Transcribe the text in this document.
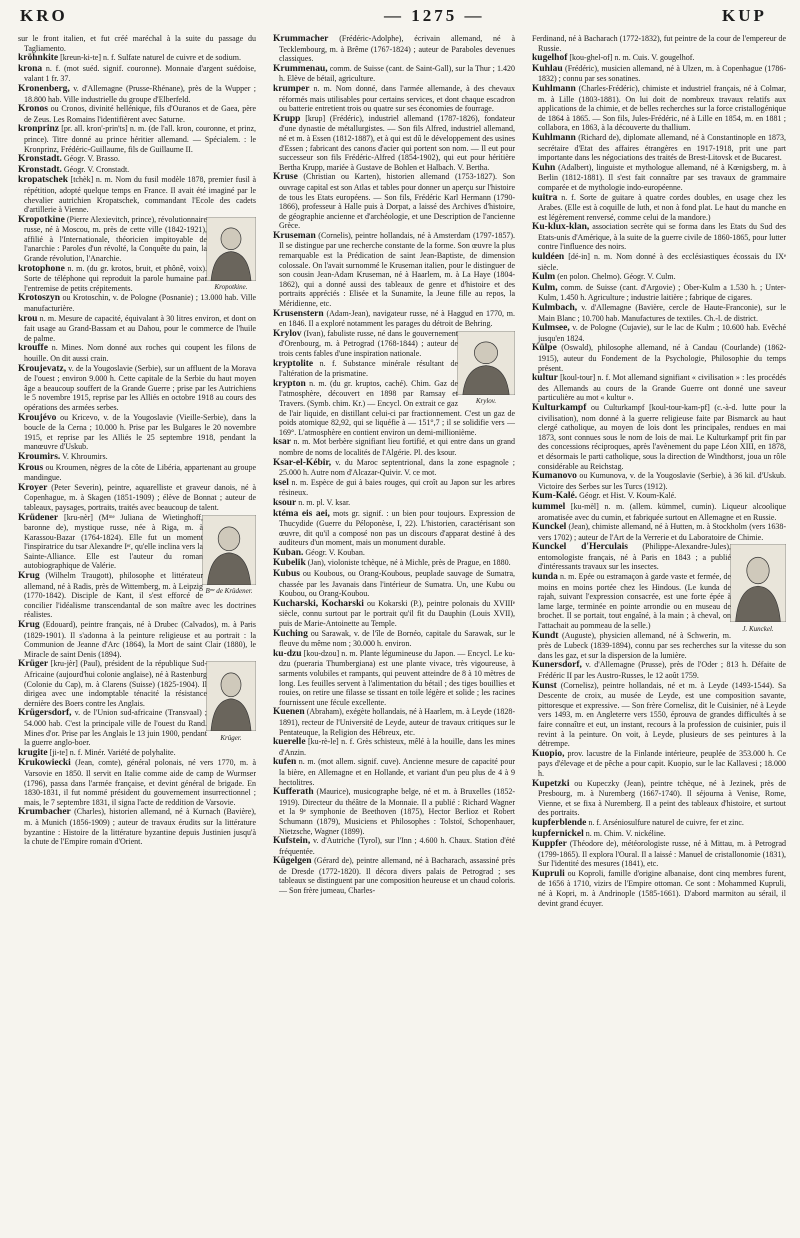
KRO	— 1275 —	KUP

sur le front italien, et fut créé maréchal à la suite du passage du Tagliamento.

kröhnkite [kreun-ki-te] n. f. Sulfate naturel de cuivre et de sodium.

krona n. f. (mot suéd. signif. couronne). Monnaie d'argent suédoise, valant 1 fr. 37.

Kronenberg, v. d'Allemagne (Prusse-Rhénane), près de la Wupper ; 18.800 hab. Ville industrielle du groupe d'Elberfeld.

Kronos ou Cronos, divinité hellénique, fils d'Ouranos et de Gaea, père de Zeus. Les Romains l'identifièrent avec Saturne.

kronprinz [pr. all. kron'-prin'ts] n. m. (de l'all. kron, couronne, et prinz, prince). Titre donné au prince héritier allemand. — Spécialem. : le Kronprinz, Frédéric-Guillaume, fils de Guillaume II.

Kronstadt. Géogr. V. Brasso.

Kronstadt. Géogr. V. Cronstadt.

kropatschek [tchèk] n. m. Nom du fusil modèle 1878, premier fusil à répétition, adopté quelque temps en France. Il avait été imaginé par le chevalier autrichien Kropatschek, commandant l'Ecole des cadets d'artillerie à Vienne.

Kropotkine.
Kropotkine (Pierre Alexievitch, prince), révolutionnaire russe, né à Moscou, m. près de cette ville (1842-1921), affilié à l'Internationale, théoricien impitoyable de l'anarchie : Paroles d'un révolté, la Conquête du pain, la Grande révolution, l'Anarchie.

krotophone n. m. (du gr. krotos, bruit, et phônê, voix). Sorte de téléphone qui reproduit la parole humaine par l'entremise de petits crépitements.

Krotoszyn ou Krotoschin, v. de Pologne (Posnanie) ; 13.000 hab. Ville manufacturière.

krou n. m. Mesure de capacité, équivalant à 30 litres environ, et dont on fait usage au Grand-Bassam et au Dahou, pour le commerce de l'huile de palme.

krouffe n. Mines. Nom donné aux roches qui coupent les filons de houille. On dit aussi crain.

Kroujevatz, v. de la Yougoslavie (Serbie), sur un affluent de la Morava de l'ouest ; environ 9.000 h. Cette capitale de la Serbie du haut moyen âge a beaucoup souffert de la Grande Guerre ; prise par les Autrichiens le 5 novembre 1915, reprise par les Alliés en octobre 1918 au cours des opérations des armées serbes.

Kroujévo ou Kricevo, v. de la Yougoslavie (Vieille-Serbie), dans la boucle de la Cerna ; 10.000 h. Prise par les Bulgares le 20 novembre 1915, et reprise par les Alliés le 25 septembre 1918, pendant la manœuvre d'Uskub.

Kroumirs. V. Khroumirs.

Krous ou Kroumen, nègres de la côte de Libéria, appartenant au groupe mandingue.

Kroyer (Peter Severin), peintre, aquarelliste et graveur danois, né à Copenhague, m. à Skagen (1851-1909) ; élève de Bonnat ; auteur de tableaux, paysages, portraits, traités avec beaucoup de talent.

Bᵐᵉ de Krüdener.
Krüdener [kru-nèr] (Mᵐᵉ Juliana de Wietinghoff, baronne de), mystique russe, née à Riga, m. à Karassou-Bazar (1764-1824). Elle fut un moment l'inspiratrice du tsar Alexandre Iᵉʳ, qu'elle inclina vers la Sainte-Alliance. Elle est l'auteur du roman autobiographique de Valérie.

Krug (Wilhelm Traugott), philosophe et littérateur allemand, né à Radis, près de Wittemberg, m. à Leipzig (1770-1842). Disciple de Kant, il s'est efforcé de concilier l'idéalisme transcendantal de son maître avec les doctrines réalistes.

Krug (Edouard), peintre français, né à Drubec (Calvados), m. à Paris (1829-1901). Il s'adonna à la peinture religieuse et au portrait : la Communion de Jeanne d'Arc (1864), la Mort de saint Clair (1880), le Miracle de saint Denis (1894).

Krüger.
Krüger [kru-jèr] (Paul), président de la république Sud-Africaine (aujourd'hui colonie anglaise), né à Rastenburg (Colonie du Cap), m. à Clarens (Suisse) (1825-1904). Il dirigea avec une indomptable ténacité la résistance dernière des Boers contre les Anglais.

Krügersdorf, v. de l'Union sud-africaine (Transvaal) ; 54.000 hab. C'est la principale ville de l'ouest du Rand. Mines d'or. Prise par les Anglais le 13 juin 1900, pendant la guerre anglo-boer.

krugite [ji-te] n. f. Minér. Variété de polyhalite.

Krukowiecki (Jean, comte), général polonais, né vers 1770, m. à Varsovie en 1850. Il servit en Italie comme aide de camp de Wurmser (1796), passa dans l'armée française, et devint général de brigade. En 1830-1831, il fut nommé président du gouvernement insurrectionnel ; mais, le 7 septembre 1831, il signa l'acte de reddition de Varsovie.

Krumbacher (Charles), historien allemand, né à Kurnach (Bavière), m. à Munich (1856-1909) ; auteur de travaux érudits sur la littérature byzantine : Histoire de la littérature byzantine depuis Justinien jusqu'à la chute de l'Empire romain d'Orient.

Krummacher (Frédéric-Adolphe), écrivain allemand, né à Tecklembourg, m. à Brême (1767-1824) ; auteur de Paraboles devenues classiques.

Krummenau, comm. de Suisse (cant. de Saint-Gall), sur la Thur ; 1.420 h. Elève de bétail, agriculture.

krumper n. m. Nom donné, dans l'armée allemande, à des chevaux réformés mais utilisables pour certains services, et dont chaque escadron ou batterie entretient trois ou quatre sur ses économies de fourrage.

Krupp [krup] (Frédéric), industriel allemand (1787-1826), fondateur d'une dynastie de métallurgistes. — Son fils Alfred, industriel allemand, né et m. à Essen (1812-1887), et à qui est dû le développement des usines d'Essen ; fabricant des canons d'acier qui portent son nom. — Il eut pour successeur son fils Frédéric-Alfred (1854-1902), qui eut pour héritière Bertha Krupp, mariée à Gustave de Bohlen et Halbach. V. Bertha.

Kruse (Christian ou Karten), historien allemand (1753-1827). Son ouvrage capital est son Atlas et tables pour donner un aperçu sur l'histoire de tous les Etats européens. — Son fils, Frédéric Karl Hermann (1790-1866), professeur à Halle puis à Dorpat, a laissé des Archives d'histoire, de géographie ancienne et d'archéologie, et une Description de l'ancienne Grèce.

Kruseman (Cornelis), peintre hollandais, né à Amsterdam (1797-1857). Il se distingue par une recherche constante de la forme. Son œuvre la plus remarquable est la Prédication de saint Jean-Baptiste, de dimension colossale. On l'avait surnommé le Kruseman italien, pour le distinguer de son cousin Jean-Adam Kruseman, né à Haarlem, m. à La Haye (1804-1862), qui a donné aussi des tableaux de genre et d'histoire et des portraits appréciés : Elisée et la Sunamite, la Jeune fille au repos, la Méridienne, etc.

Krusenstern (Adam-Jean), navigateur russe, né à Haggud en 1770, m. en 1846. Il a exploré notamment les parages du détroit de Behring.

Krylov.
Krylov (Ivan), fabuliste russe, né dans le gouvernement d'Orenbourg, m. à Petrograd (1768-1844) ; auteur de trois cents fables d'une inspiration nationale.

kryptolite n. f. Substance minérale résultant de l'altération de la prismatine.

krypton n. m. (du gr. kruptos, caché). Chim. Gaz de l'atmosphère, découvert en 1898 par Ramsay et Travers. (Symb. chim. Kr.) — Encycl. On extrait ce gaz de l'air liquide, en distillant celui-ci par fractionnement. C'est un gaz de poids atomique 82,92, qui se liquéfie à — 151°,7 ; il se solidifie vers — 169°. L'atmosphère en contient environ un demi-millionième.

ksar n. m. Mot berbère signifiant lieu fortifié, et qui entre dans un grand nombre de noms de localités de l'Algérie. Pl. des ksour.

Ksar-el-Kébir, v. du Maroc septentrional, dans la zone espagnole ; 25.000 h. Autre nom d'Alcazar-Quivir. V. ce mot.

ksel n. m. Espèce de gui à baies rouges, qui croît au Japon sur les arbres résineux.

ksour n. m. pl. V. ksar.

ktéma eis aei, mots gr. signif. : un bien pour toujours. Expression de Thucydide (Guerre du Péloponèse, I, 22). L'historien, caractérisant son œuvre, dit qu'il a composé non pas un discours d'apparat destiné à des auditeurs d'un moment, mais un monument durable.

Kuban. Géogr. V. Kouban.

Kubelik (Jan), violoniste tchèque, né à Michle, près de Prague, en 1880.

Kubus ou Koubous, ou Orang-Koubous, peuplade sauvage de Sumatra, chassée par les Javanais dans l'intérieur de Sumatra. Un, une Kubu ou Koubou, ou Orang-Koubou.

Kucharski, Kocharski ou Kokarski (P.), peintre polonais du XVIIIᵉ siècle, connu surtout par le portrait qu'il fit du Dauphin (Louis XVII), puis de Marie-Antoinette au Temple.

Kuching ou Sarawak, v. de l'île de Bornéo, capitale du Sarawak, sur le fleuve du même nom ; 30.000 h. environ.

ku-dzu [kou-dzou] n. m. Plante légumineuse du Japon. — Encycl. Le ku-dzu (pueraria Thumbergiana) est une plante vivace, très vigoureuse, à sarments volubiles et rampants, qui peuvent atteindre de 8 à 10 mètres de long. Les feuilles servent à l'alimentation du bétail ; des tiges bouillies et rouies, on retire une filasse se tissant en toile légère et solide ; les racines fournissent une fécule excellente.

Kuenen (Abraham), exégète hollandais, né à Haarlem, m. à Leyde (1828-1891), recteur de l'Université de Leyde, auteur de travaux critiques sur le Pentateuque, la Religion des Hébreux, etc.

kuerelle [ku-rè-le] n. f. Grès schisteux, mêlé à la houille, dans les mines d'Anzin.

kufen n. m. (mot allem. signif. cuve). Ancienne mesure de capacité pour la bière, en Allemagne et en Hollande, et variant d'un peu plus de 4 à 9 hectolitres.

Kufferath (Maurice), musicographe belge, né et m. à Bruxelles (1852-1919). Directeur du théâtre de la Monnaie. Il a publié : Richard Wagner et la 9ᵉ symphonie de Beethoven (1875), Hector Berlioz et Robert Schumann (1879), Musiciens et Philosophes : Tolstoï, Schopenhauer, Nietzsche, Wagner (1899).

Kufstein, v. d'Autriche (Tyrol), sur l'Inn ; 4.600 h. Chaux. Station d'été fréquentée.

Kügelgen (Gérard de), peintre allemand, né à Bacharach, assassiné près de Dresde (1772-1820). Il décora divers palais de Petrograd ; ses tableaux se distinguent par une composition heureuse et un chaud coloris. — Son frère jumeau, Charles-

Ferdinand, né à Bacharach (1772-1832), fut peintre de la cour de l'empereur de Russie.

kugelhof [kou-ghel-of] n. m. Cuis. V. gougelhof.

Kuhlau (Frédéric), musicien allemand, né à Ulzen, m. à Copenhague (1786-1832) ; connu par ses sonatines.

Kuhlmann (Charles-Frédéric), chimiste et industriel français, né à Colmar, m. à Lille (1803-1881). On lui doit de nombreux travaux relatifs aux applications de la chimie, et de belles recherches sur la force cristallogénique de 1864 à 1865. — Son fils, Jules-Frédéric, né à Lille en 1854, m. en 1881 ; collabora, en 1863, à la découverte du thallium.

Kuhlmann (Richard de), diplomate allemand, né à Constantinople en 1873, secrétaire d'Etat des affaires étrangères en 1917-1918, prit une part importante dans les négociations des traités de Brest-Litovsk et de Bucarest.

Kuhn (Adalbert), linguiste et mythologue allemand, né à Kœnigsberg, m. à Berlin (1812-1881). Il s'est fait connaître par ses travaux de grammaire comparée et de mythologie indo-européenne.

kuitra n. f. Sorte de guitare à quatre cordes doubles, en usage chez les Arabes. (Elle est à coquille de luth, et non à fond plat. Le haut du manche en est légèrement renversé, comme celui de la mandore.)

Ku-klux-klan, association secrète qui se forma dans les Etats du Sud des Etats-unis d'Amérique, à la suite de la guerre civile de 1860-1865, pour lutter contre l'influence des noirs.

kuldéen [dé-in] n. m. Nom donné à des ecclésiastiques écossais du IXᵉ siècle.

Kulm (en polon. Chelmo). Géogr. V. Culm.

Kulm, comm. de Suisse (cant. d'Argovie) ; Ober-Kulm a 1.530 h. ; Unter-Kulm, 1.450 h. Agriculture ; industrie laitière ; fabrique de cigares.

Kulmbach, v. d'Allemagne (Bavière, cercle de Haute-Franconie), sur le Main Blanc ; 10.700 hab. Manufactures de textiles. Ch.-l. de district.

Kulmsee, v. de Pologne (Cujavie), sur le lac de Kulm ; 10.600 hab. Evêché jusqu'en 1824.

Külpe (Oswald), philosophe allemand, né à Candau (Courlande) (1862-1915), auteur du Fondement de la Psychologie, Philosophie du temps présent.

kultur [koul-tour] n. f. Mot allemand signifiant « civilisation » : les procédés des Allemands au cours de la Grande Guerre ont donné une saveur particulière au mot « kultur ».

Kulturkampf ou Culturkampf [koul-tour-kam-pf] (c.-à-d. lutte pour la civilisation), nom donné à la guerre religieuse faite par Bismarck au haut clergé catholique, au moyen de lois dont les principales, rendues en mai 1873, sont connues sous le nom de lois de mai. Le Kulturkampf prit fin par des concessions réciproques, après l'avènement du pape Léon XIII, en 1878, et désormais le parti catholique, sous la direction de Windthorst, joua un rôle considérable au Reichstag.

Kumanovo ou Kumunova, v. de la Yougoslavie (Serbie), à 36 kil. d'Uskub. Victoire des Serbes sur les Turcs (1912).

Kum-Kalé. Géogr. et Hist. V. Koum-Kalé.

kummel [ku-mèl] n. m. (allem. kümmel, cumin). Liqueur alcoolique aromatisée avec du cumin, et fabriquée surtout en Allemagne et en Russie.

Kunckel (Jean), chimiste allemand, né à Hutten, m. à Stockholm (vers 1638-vers 1702) ; auteur de l'Art de la Verrerie et du Laboratoire de Chimie.

J. Kunckel.
Kunckel d'Herculais (Philippe-Alexandre-Jules), entomologiste français, né à Paris en 1843 ; a publié d'intéressants travaux sur les insectes.

kunda n. m. Epée ou estramaçon à garde vaste et fermée, de moins en moins portée chez les Hindous. (Le kunda de rajah, suivant l'expression consacrée, est une forte épée à lame large, terminée en pointe arrondie ou en museau de brochet. Il se portait, tout engaîné, à la main ; à cheval, on l'attachait au pommeau de la selle.)

Kundt (Auguste), physicien allemand, né à Schwerin, m. près de Lubeck (1839-1894), connu par ses recherches sur la vitesse du son dans les gaz, et sur la dispersion de la lumière.

Kunersdorf, v. d'Allemagne (Prusse), près de l'Oder ; 813 h. Défaite de Frédéric II par les Austro-Russes, le 12 août 1759.

Kunst (Cornelisz), peintre hollandais, né et m. à Leyde (1493-1544). Sa Descente de croix, au musée de Leyde, est une composition savante, pittoresque et expressive. — Son frère Cornelisz, dit le Cuisinier, né à Leyde vers 1493, m. en Angleterre vers 1550, éprouva de grandes difficultés à se faire connaître et eut, un instant, recours à la profession de cuisinier, puis il revint à la peinture. On voit, à Leyde, plusieurs de ses peintures à la détrempe.

Kuopio, prov. lacustre de la Finlande intérieure, peuplée de 353.000 h. Ce pays d'élevage et de pêche a pour capit. Kuopio, sur le lac Kallavesi ; 18.000 h.

Kupetzki ou Kupeczky (Jean), peintre tchèque, né à Jezinek, près de Presbourg, m. à Nuremberg (1667-1740). Il séjourna à Venise, Rome, Vienne, et se fixa à Nuremberg. Il a peint des tableaux d'histoire, et surtout des portraits.

kupferblende n. f. Arséniosulfure naturel de cuivre, fer et zinc.

kupfernickel n. m. Chim. V. nickéline.

Kuppfer (Théodore de), météorologiste russe, né à Mittau, m. à Petrograd (1799-1865). Il explora l'Oural. Il a laissé : Manuel de cristallonomie (1831), Sur l'identité des mesures (1841), etc.

Kupruli ou Koproli, famille d'origine albanaise, dont cinq membres furent, de 1656 à 1710, vizirs de l'Empire ottoman. Ce sont : Mohammed Kupruli, né à Kopri, m. à Andrinople (1585-1661). D'abord marmiton au sérail, il devint grand écuyer.
